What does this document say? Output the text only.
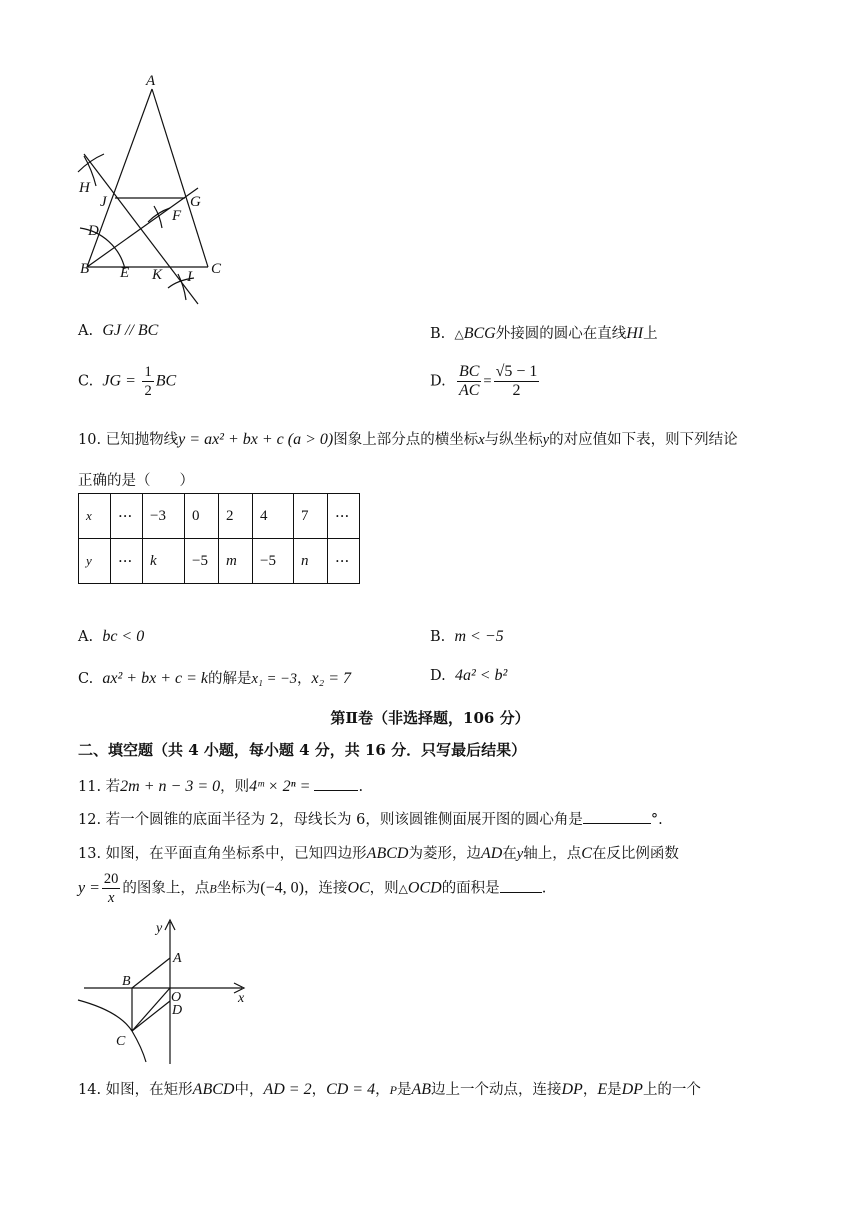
A
H
J	G
F
D
B E K I C
A. GJ // BC	B. △BCG外接圆的圆心在直线HI上
C. JG = $\frac{1}{2}$ BC	D. $\frac{BC}{AC} = \frac{√5 - 1}{2}$
10. 已知抛物线y = ax² + bx + c (a > 0)图象上部分点的横坐标x与纵坐标y的对应值如下表，则下列结论
正确的是（　　）
x	···	−3	0	2	4	7	···
y	···	k	−5	m	−5	n	···
A. bc < 0	B. m < −5
C. ax² + bx + c = k的解是x₁ = −3，x₂ = 7	D. 4a² < b²
第Ⅱ卷（非选择题，106 分）
二、填空题（共 4 小题，每小题 4 分，共 16 分．只写最后结果）
11. 若2m + n − 3 = 0，则4ᵐ × 2ⁿ =	.
12. 若一个圆锥的底面半径为 2，母线长为 6，则该圆锥侧面展开图的圆心角是	°.
13. 如图，在平面直角坐标系中，已知四边形ABCD为菱形，边AD在y轴上，点C在反比例函数
$y = \frac{20}{x}$ 的图象上，点B坐标为(−4, 0)，连接OC，则△OCD的面积是	.
y
A
B
O	x
D
C
14. 如图，在矩形ABCD中，AD = 2，CD = 4，P是AB边上一个动点，连接DP，E是DP上的一个
